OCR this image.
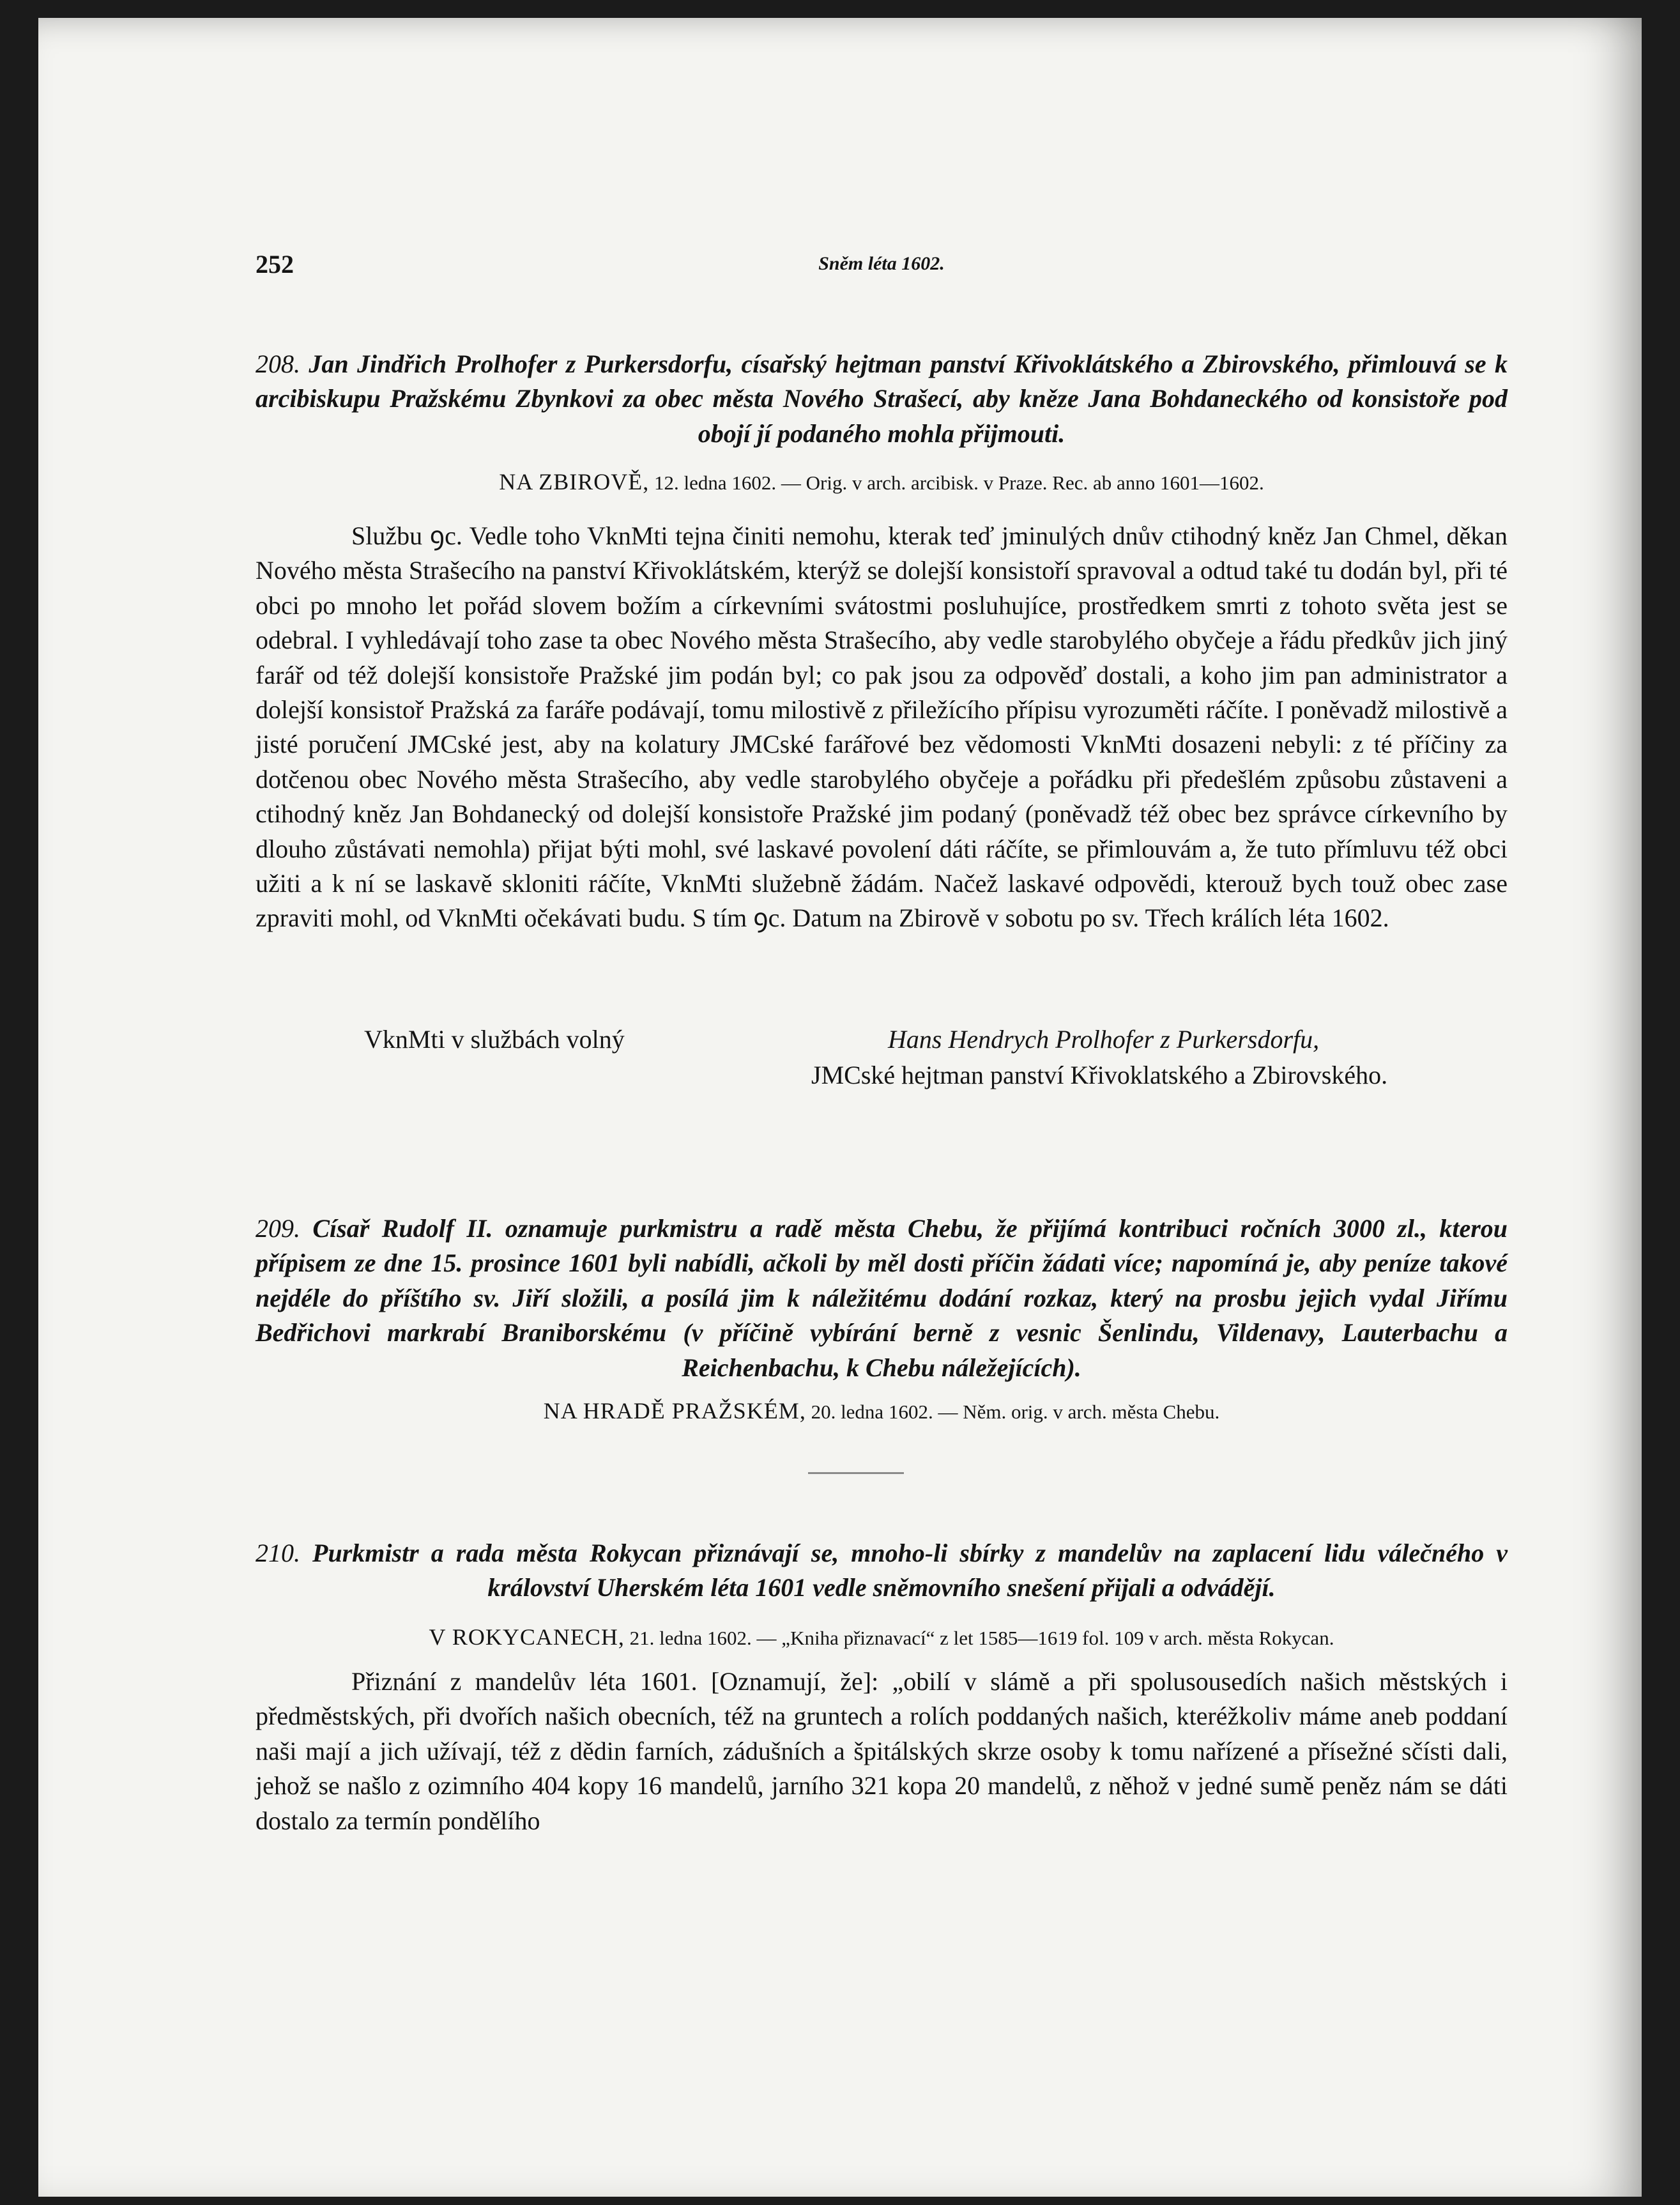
252	Sněm léta 1602.

208. Jan Jindřich Prolhofer z Purkersdorfu, císařský hejtman panství Křivoklátského a Zbirovského, přimlouvá se k arcibiskupu Pražskému Zbynkovi za obec města Nového Strašecí, aby kněze Jana Bohdaneckého od konsistoře pod obojí jí podaného mohla přijmouti.

NA ZBIROVĚ, 12. ledna 1602. — Orig. v arch. arcibisk. v Praze. Rec. ab anno 1601—1602.

Službu ꝯc. Vedle toho VknMti tejna činiti nemohu, kterak teď jminulých dnův ctihodný kněz Jan Chmel, děkan Nového města Strašecího na panství Křivoklátském, kterýž se dolejší konsistoří spravoval a odtud také tu dodán byl, při té obci po mnoho let pořád slovem božím a církevními svátostmi posluhujíce, prostředkem smrti z tohoto světa jest se odebral. I vyhledávají toho zase ta obec Nového města Strašecího, aby vedle starobylého obyčeje a řádu předkův jich jiný farář od též dolejší konsistoře Pražské jim podán byl; co pak jsou za odpověď dostali, a koho jim pan administrator a dolejší konsistoř Pražská za faráře podávají, tomu milostivě z přiležícího přípisu vyrozuměti ráčíte. I poněvadž milostivě a jisté poručení JMCské jest, aby na kolatury JMCské farářové bez vědomosti VknMti dosazeni nebyli: z té příčiny za dotčenou obec Nového města Strašecího, aby vedle starobylého obyčeje a pořádku při předešlém způsobu zůstaveni a ctihodný kněz Jan Bohdanecký od dolejší konsistoře Pražské jim podaný (poněvadž též obec bez správce církevního by dlouho zůstávati nemohla) přijat býti mohl, své laskavé povolení dáti ráčíte, se přimlouvám a, že tuto přímluvu též obci užiti a k ní se laskavě skloniti ráčíte, VknMti služebně žádám. Načež laskavé odpovědi, kterouž bych touž obec zase zpraviti mohl, od VknMti očekávati budu. S tím ꝯc. Datum na Zbirově v sobotu po sv. Třech králích léta 1602.

VknMti v službách volný	Hans Hendrych Prolhofer z Purkersdorfu,
JMCské hejtman panství Křivoklatského a Zbirovského.

209. Císař Rudolf II. oznamuje purkmistru a radě města Chebu, že přijímá kontribuci ročních 3000 zl., kterou přípisem ze dne 15. prosince 1601 byli nabídli, ačkoli by měl dosti příčin žádati více; napomíná je, aby peníze takové nejdéle do příštího sv. Jiří složili, a posílá jim k náležitému dodání rozkaz, který na prosbu jejich vydal Jiřímu Bedřichovi markrabí Braniborskému (v příčině vybírání berně z vesnic Šenlindu, Vildenavy, Lauterbachu a Reichenbachu, k Chebu náležejících).

NA HRADĚ PRAŽSKÉM, 20. ledna 1602. — Něm. orig. v arch. města Chebu.

210. Purkmistr a rada města Rokycan přiznávají se, mnoho-li sbírky z mandelův na zaplacení lidu válečného v království Uherském léta 1601 vedle sněmovního snešení přijali a odvádějí.

V ROKYCANECH, 21. ledna 1602. — „Kniha přiznavací“ z let 1585—1619 fol. 109 v arch. města Rokycan.

Přiznání z mandelův léta 1601. [Oznamují, že]: „obilí v slámě a při spolusousedích našich městských i předměstských, při dvořích našich obecních, též na gruntech a rolích poddaných našich, kteréžkoliv máme aneb poddaní naši mají a jich užívají, též z dědin farních, zádušních a špitálských skrze osoby k tomu nařízené a přísežné sčísti dali, jehož se našlo z ozimního 404 kopy 16 mandelů, jarního 321 kopa 20 mandelů, z něhož v jedné sumě peněz nám se dáti dostalo za termín pondělího
